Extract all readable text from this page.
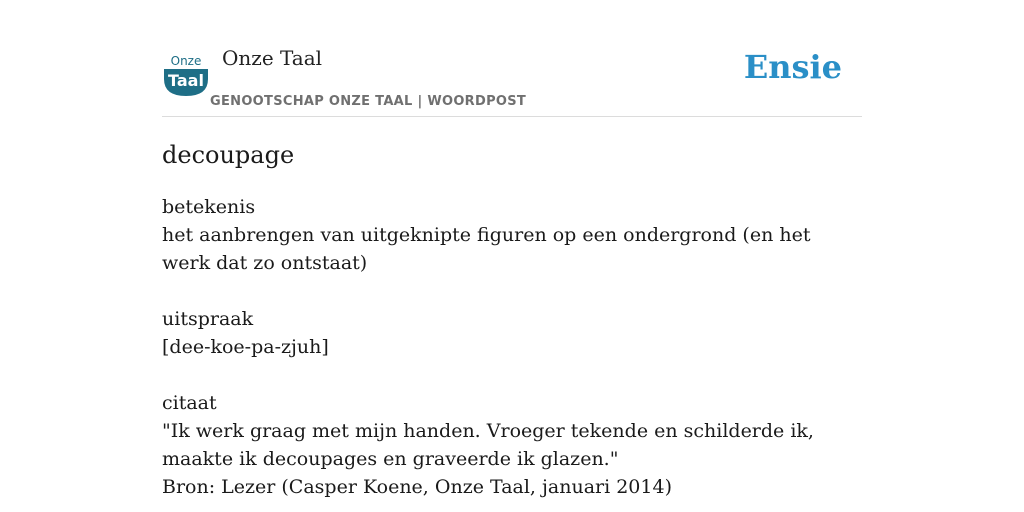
Onze
Taal
Onze Taal
GENOOTSCHAP ONZE TAAL | WOORDPOST
Ensie
decoupage

betekenis

het aanbrengen van uitgeknipte figuren op een ondergrond (en het werk dat zo ontstaat)

uitspraak

[dee-koe-pa-zjuh]

citaat

"Ik werk graag met mijn handen. Vroeger tekende en schilderde ik, maakte ik decoupages en graveerde ik glazen."

Bron: Lezer (Casper Koene, Onze Taal, januari 2014)
